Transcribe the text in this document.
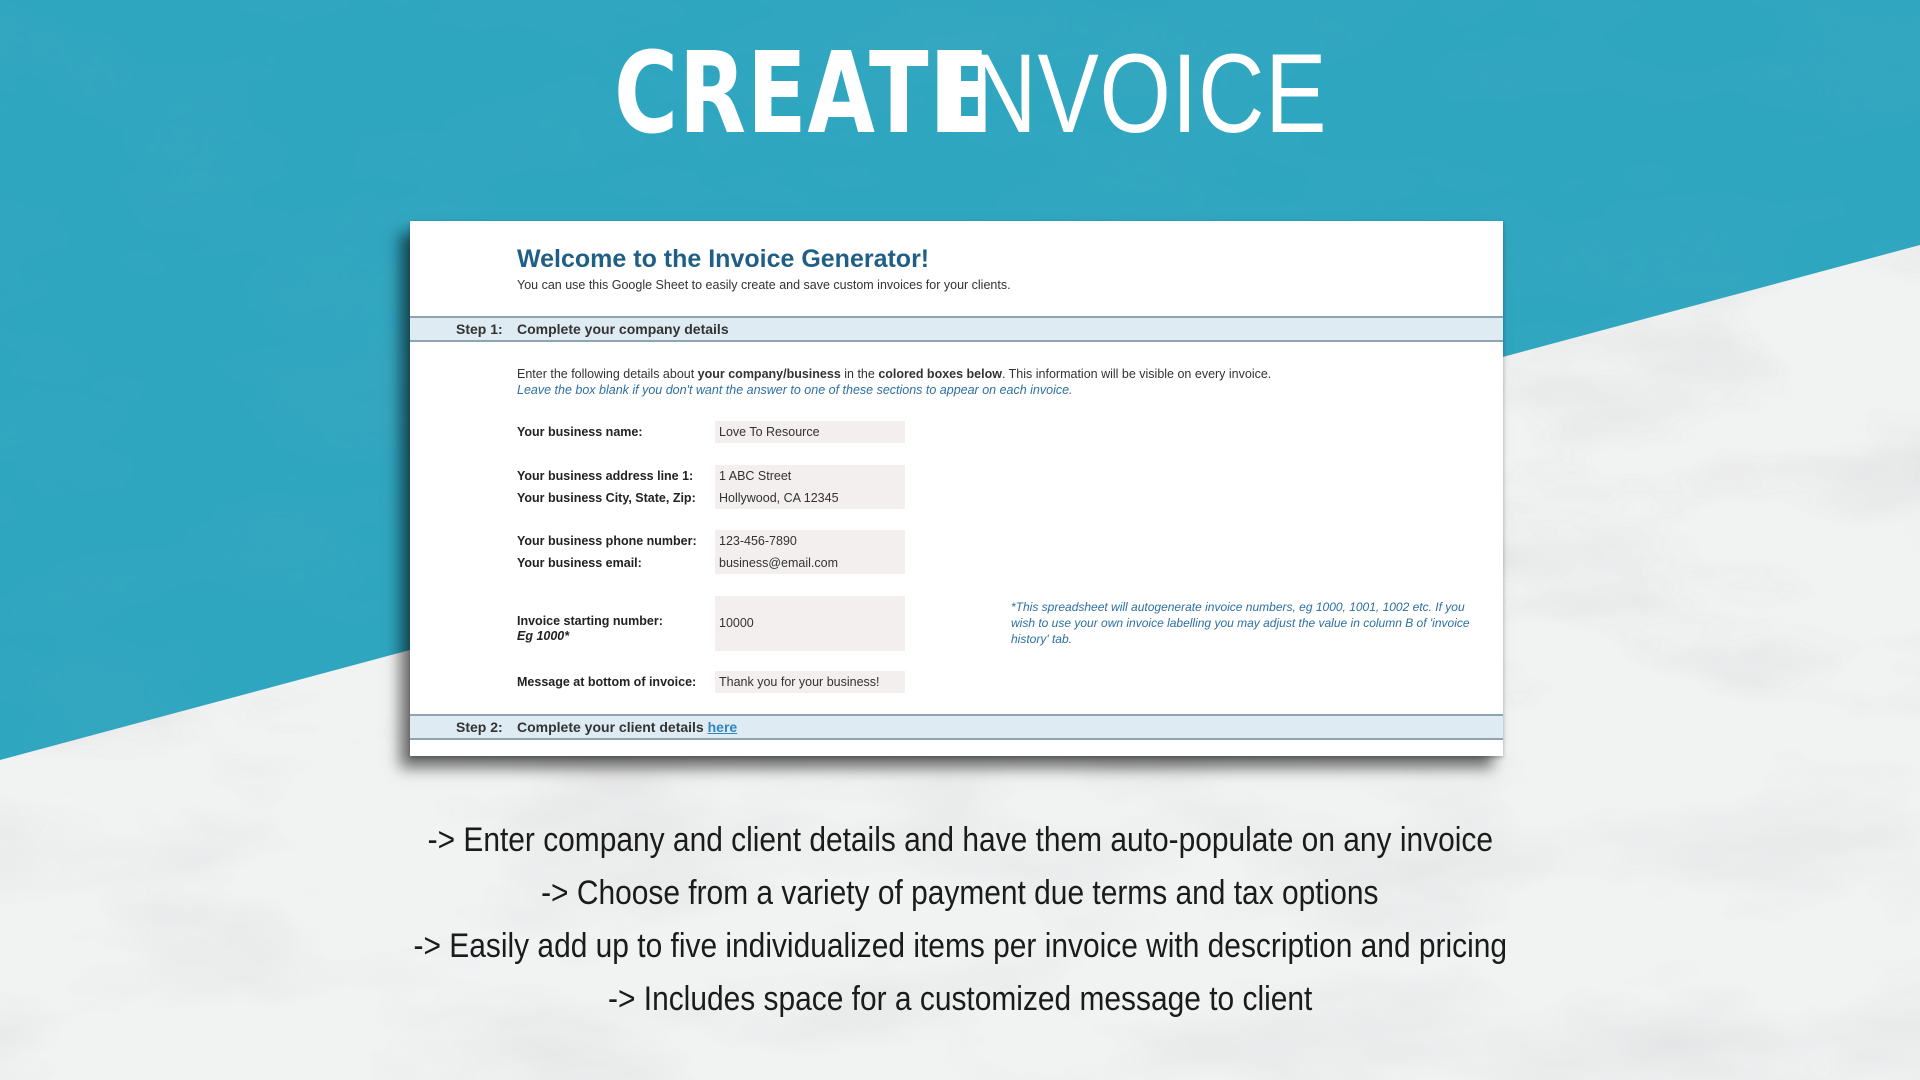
CREATEINVOICE
Welcome to the Invoice Generator!
You can use this Google Sheet to easily create and save custom invoices for your clients.
Step 1: Complete your company details
Enter the following details about your company/business in the colored boxes below. This information will be visible on every invoice.
Leave the box blank if you don't want the answer to one of these sections to appear on each invoice.
Your business name:	Love To Resource
Your business address line 1:	1 ABC Street
Your business City, State, Zip:	Hollywood, CA 12345
Your business phone number:	123-456-7890
Your business email:	business@email.com
Invoice starting number:
Eg 1000*
10000
*This spreadsheet will autogenerate invoice numbers, eg 1000, 1001, 1002 etc. If you wish to use your own invoice labelling you may adjust the value in column B of 'invoice history' tab.
Message at bottom of invoice:	Thank you for your business!
Step 2: Complete your client details here
-> Enter company and client details and have them auto-populate on any invoice
-> Choose from a variety of payment due terms and tax options
-> Easily add up to five individualized items per invoice with description and pricing
-> Includes space for a customized message to client
